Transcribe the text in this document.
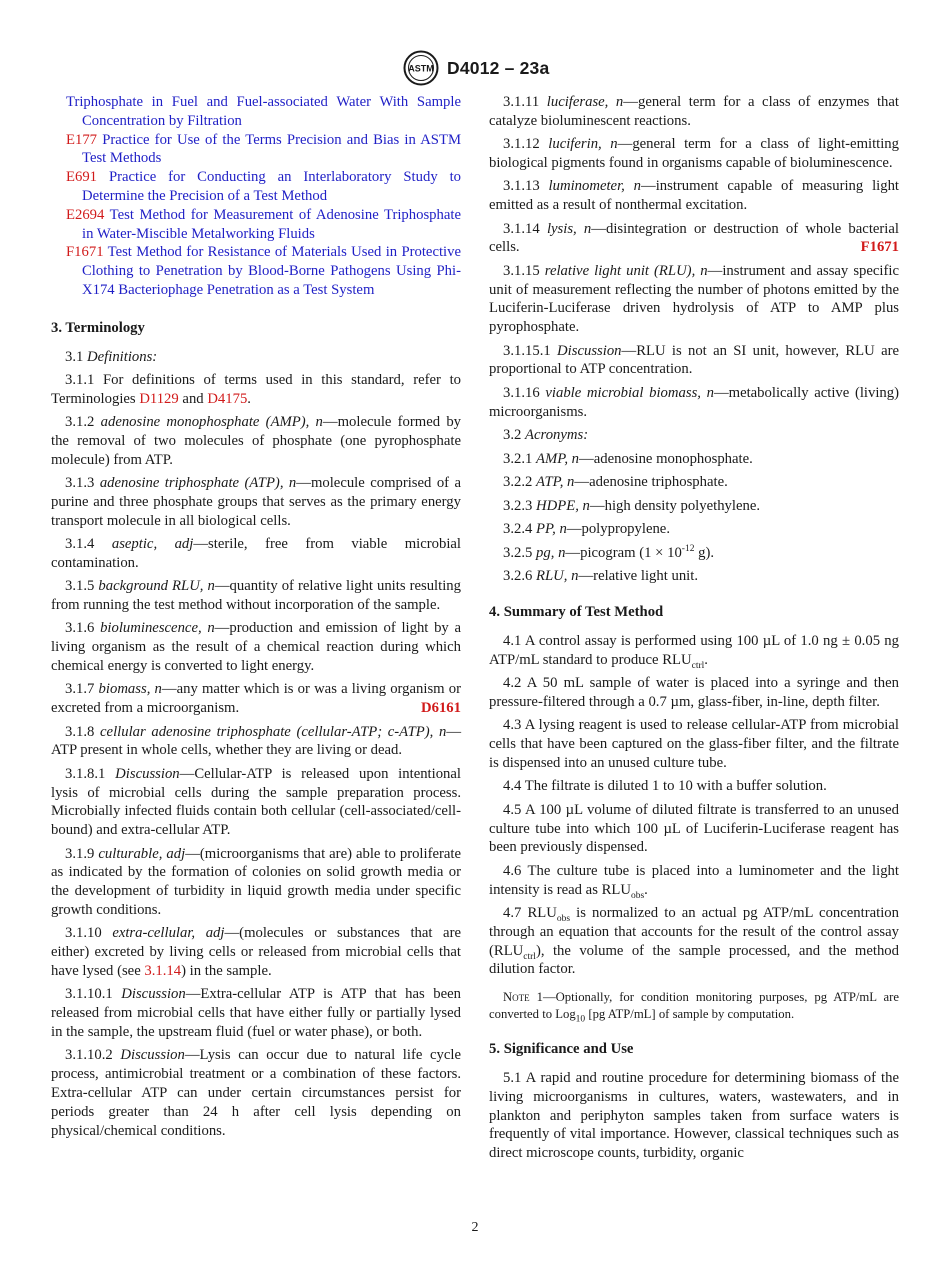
ASTM D4012 – 23a

Triphosphate in Fuel and Fuel-associated Water With Sample Concentration by Filtration

E177 Practice for Use of the Terms Precision and Bias in ASTM Test Methods

E691 Practice for Conducting an Interlaboratory Study to Determine the Precision of a Test Method

E2694 Test Method for Measurement of Adenosine Triphosphate in Water-Miscible Metalworking Fluids

F1671 Test Method for Resistance of Materials Used in Protective Clothing to Penetration by Blood-Borne Pathogens Using Phi-X174 Bacteriophage Penetration as a Test System

3. Terminology

3.1 Definitions:

3.1.1 For definitions of terms used in this standard, refer to Terminologies D1129 and D4175.

3.1.2 adenosine monophosphate (AMP), n—molecule formed by the removal of two molecules of phosphate (one pyrophosphate molecule) from ATP.

3.1.3 adenosine triphosphate (ATP), n—molecule comprised of a purine and three phosphate groups that serves as the primary energy transport molecule in all biological cells.

3.1.4 aseptic, adj—sterile, free from viable microbial contamination.

3.1.5 background RLU, n—quantity of relative light units resulting from running the test method without incorporation of the sample.

3.1.6 bioluminescence, n—production and emission of light by a living organism as the result of a chemical reaction during which chemical energy is converted to light energy.

3.1.7 biomass, n—any matter which is or was a living organism or excreted from a microorganism.	D6161

3.1.8 cellular adenosine triphosphate (cellular-ATP; c-ATP), n—ATP present in whole cells, whether they are living or dead.

3.1.8.1 Discussion—Cellular-ATP is released upon intentional lysis of microbial cells during the sample preparation process. Microbially infected fluids contain both cellular (cell-associated/cell-bound) and extra-cellular ATP.

3.1.9 culturable, adj—(microorganisms that are) able to proliferate as indicated by the formation of colonies on solid growth media or the development of turbidity in liquid growth media under specific growth conditions.

3.1.10 extra-cellular, adj—(molecules or substances that are either) excreted by living cells or released from microbial cells that have lysed (see 3.1.14) in the sample.

3.1.10.1 Discussion—Extra-cellular ATP is ATP that has been released from microbial cells that have either fully or partially lysed in the sample, the upstream fluid (fuel or water phase), or both.

3.1.10.2 Discussion—Lysis can occur due to natural life cycle process, antimicrobial treatment or a combination of these factors. Extra-cellular ATP can under certain circumstances persist for periods greater than 24 h after cell lysis depending on physical/chemical conditions.

3.1.11 luciferase, n—general term for a class of enzymes that catalyze bioluminescent reactions.

3.1.12 luciferin, n—general term for a class of light-emitting biological pigments found in organisms capable of bioluminescence.

3.1.13 luminometer, n—instrument capable of measuring light emitted as a result of nonthermal excitation.

3.1.14 lysis, n—disintegration or destruction of whole bacterial cells.	F1671

3.1.15 relative light unit (RLU), n—instrument and assay specific unit of measurement reflecting the number of photons emitted by the Luciferin-Luciferase driven hydrolysis of ATP to AMP plus pyrophosphate.

3.1.15.1 Discussion—RLU is not an SI unit, however, RLU are proportional to ATP concentration.

3.1.16 viable microbial biomass, n—metabolically active (living) microorganisms.

3.2 Acronyms:

3.2.1 AMP, n—adenosine monophosphate.

3.2.2 ATP, n—adenosine triphosphate.

3.2.3 HDPE, n—high density polyethylene.

3.2.4 PP, n—polypropylene.

3.2.5 pg, n—picogram ($1 \times 10^{-12}$ g).

3.2.6 RLU, n—relative light unit.

4. Summary of Test Method

4.1 A control assay is performed using 100 µL of 1.0 ng ± 0.05 ng ATP/mL standard to produce $RLU_{ctrl}$.

4.2 A 50 mL sample of water is placed into a syringe and then pressure-filtered through a 0.7 µm, glass-fiber, in-line, depth filter.

4.3 A lysing reagent is used to release cellular-ATP from microbial cells that have been captured on the glass-fiber filter, and the filtrate is dispensed into an unused culture tube.

4.4 The filtrate is diluted 1 to 10 with a buffer solution.

4.5 A 100 µL volume of diluted filtrate is transferred to an unused culture tube into which 100 µL of Luciferin-Luciferase reagent has been previously dispensed.

4.6 The culture tube is placed into a luminometer and the light intensity is read as $RLU_{obs}$.

4.7 $RLU_{obs}$ is normalized to an actual pg ATP/mL concentration through an equation that accounts for the result of the control assay $(RLU_{ctrl})$, the volume of the sample processed, and the method dilution factor.

Note 1—Optionally, for condition monitoring purposes, pg ATP/mL are converted to Log$_{10}$ [pg ATP/mL] of sample by computation.

5. Significance and Use

5.1 A rapid and routine procedure for determining biomass of the living microorganisms in cultures, waters, wastewaters, and in plankton and periphyton samples taken from surface waters is frequently of vital importance. However, classical techniques such as direct microscope counts, turbidity, organic

2
